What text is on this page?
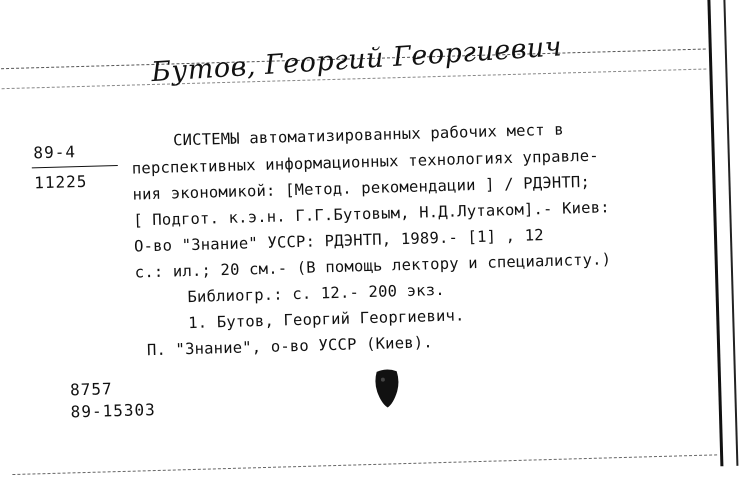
Бутов, Георгий Георгиевич
89-4
11225
СИСТЕМЫ автоматизированных рабочих мест в
перспективных информационных технологиях управле-
ния экономикой: [Метод. рекомендации ] / РДЭНТП;
[ Подгот. к.э.н. Г.Г.Бутовым, Н.Д.Лутаком].- Киев:
О-во "Знание" УССР: РДЭНТП, 1989.- [1] , 12
с.: ил.; 20 см.- (В помощь лектору и специалисту.)
Библиогр.: с. 12.- 200 экз.
1. Бутов, Георгий Георгиевич.
П. "Знание", о-во УССР (Киев).
8757
89-15303
